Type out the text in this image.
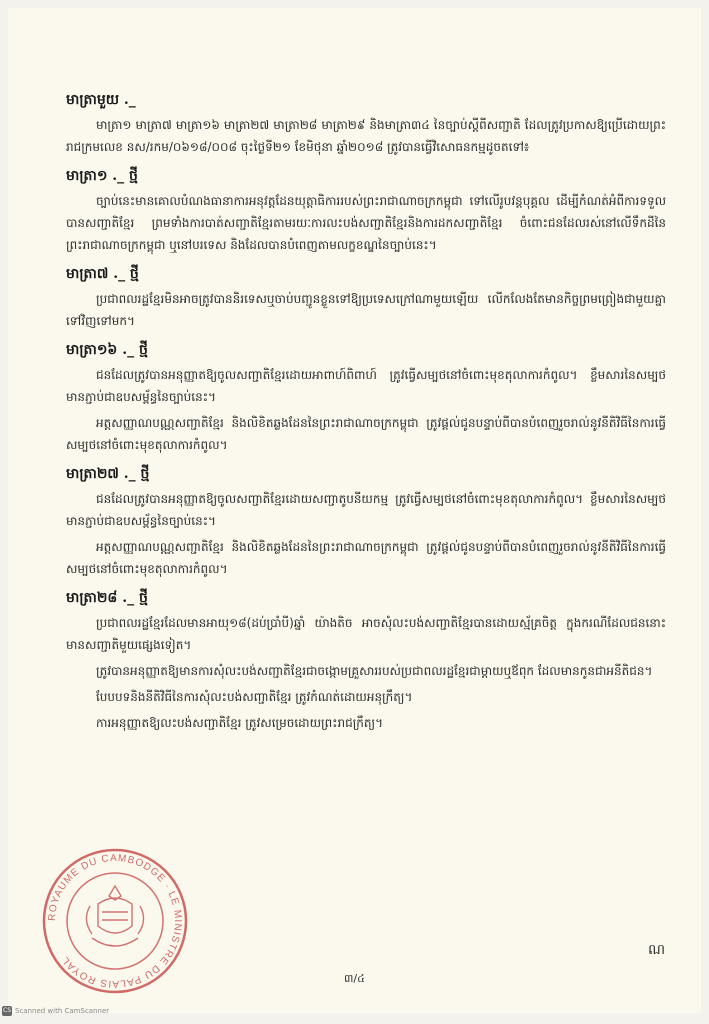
មាត្រាមួយ ._
មាត្រា១ មាត្រា៧ មាត្រា១៦ មាត្រា២៧ មាត្រា២៨ មាត្រា២៩ និងមាត្រា៣៤ នៃច្បាប់ស្ដីពីសញ្ជាតិ ដែលត្រូវប្រកាសឱ្យប្រើដោយព្រះរាជក្រមលេខ នស/រកម/០៦១៨/០០៨ ចុះថ្ងៃទី២១ ខែមិថុនា ឆ្នាំ២០១៨ ត្រូវបានធ្វើវិសោធនកម្មដូចតទៅ៖
មាត្រា១ ._ ថ្មី
ច្បាប់នេះមានគោលបំណងធានាការអនុវត្តដែនយុត្តាធិការរបស់ព្រះរាជាណាចក្រកម្ពុជា ទៅលើរូបវន្តបុគ្គល ដើម្បីកំណត់អំពីការទទួលបានសញ្ជាតិខ្មែរ ព្រមទាំងការបាត់សញ្ជាតិខ្មែរតាមរយៈការលះបង់សញ្ជាតិខ្មែរនិងការដកសញ្ជាតិខ្មែរ ចំពោះជនដែលរស់នៅលើទឹកដីនៃព្រះរាជាណាចក្រកម្ពុជា ឬនៅបរទេស និងដែលបានបំពេញតាមលក្ខខណ្ឌនៃច្បាប់នេះ។
មាត្រា៧ ._ ថ្មី
ប្រជាពលរដ្ឋខ្មែរមិនអាចត្រូវបាននិរទេសឬចាប់បញ្ជូនខ្លួនទៅឱ្យប្រទេសក្រៅណាមួយឡើយ លើកលែងតែមានកិច្ចព្រមព្រៀងជាមួយគ្នាទៅវិញទៅមក។
មាត្រា១៦ ._ ថ្មី
ជនដែលត្រូវបានអនុញ្ញាតឱ្យចូលសញ្ជាតិខ្មែរដោយអាពាហ៍ពិពាហ៍ ត្រូវធ្វើសម្បថនៅចំពោះមុខតុលាការកំពូល។ ខ្លឹមសារនៃសម្បថ មានភ្ជាប់ជាឧបសម្ព័ន្ធនៃច្បាប់នេះ។
អត្តសញ្ញាណបណ្ណសញ្ជាតិខ្មែរ និងលិខិតឆ្លងដែននៃព្រះរាជាណាចក្រកម្ពុជា ត្រូវផ្ដល់ជូនបន្ទាប់ពីបានបំពេញរួចរាល់នូវនីតិវិធីនៃការធ្វើសម្បថនៅចំពោះមុខតុលាការកំពូល។
មាត្រា២៧ ._ ថ្មី
ជនដែលត្រូវបានអនុញ្ញាតឱ្យចូលសញ្ជាតិខ្មែរដោយសញ្ជាតូបនីយកម្ម ត្រូវធ្វើសម្បថនៅចំពោះមុខតុលាការកំពូល។ ខ្លឹមសារនៃសម្បថ មានភ្ជាប់ជាឧបសម្ព័ន្ធនៃច្បាប់នេះ។
អត្តសញ្ញាណបណ្ណសញ្ជាតិខ្មែរ និងលិខិតឆ្លងដែននៃព្រះរាជាណាចក្រកម្ពុជា ត្រូវផ្ដល់ជូនបន្ទាប់ពីបានបំពេញរួចរាល់នូវនីតិវិធីនៃការធ្វើសម្បថនៅចំពោះមុខតុលាការកំពូល។
មាត្រា២៨ ._ ថ្មី
ប្រជាពលរដ្ឋខ្មែរដែលមានអាយុ១៨(ដប់ប្រាំបី)ឆ្នាំ យ៉ាងតិច អាចសុំលះបង់សញ្ជាតិខ្មែរបានដោយស្ម័គ្រចិត្ត ក្នុងករណីដែលជននោះមានសញ្ជាតិមួយផ្សេងទៀត។
ត្រូវបានអនុញ្ញាតឱ្យមានការសុំលះបង់សញ្ជាតិខ្មែរជាចង្កោមគ្រួសាររបស់ប្រជាពលរដ្ឋខ្មែរជាម្ដាយឬឪពុក ដែលមានកូនជាអនីតិជន។
បែបបទនិងនីតិវិធីនៃការសុំលះបង់សញ្ជាតិខ្មែរ ត្រូវកំណត់ដោយអនុក្រឹត្យ។
ការអនុញ្ញាតឱ្យលះបង់សញ្ជាតិខ្មែរ ត្រូវសម្រេចដោយព្រះរាជក្រឹត្យ។
ROYAUME DU CAMBODGE · LE MINISTRE DU PALAIS ROYAL
ណ
៣/៤
CS Scanned with CamScanner
